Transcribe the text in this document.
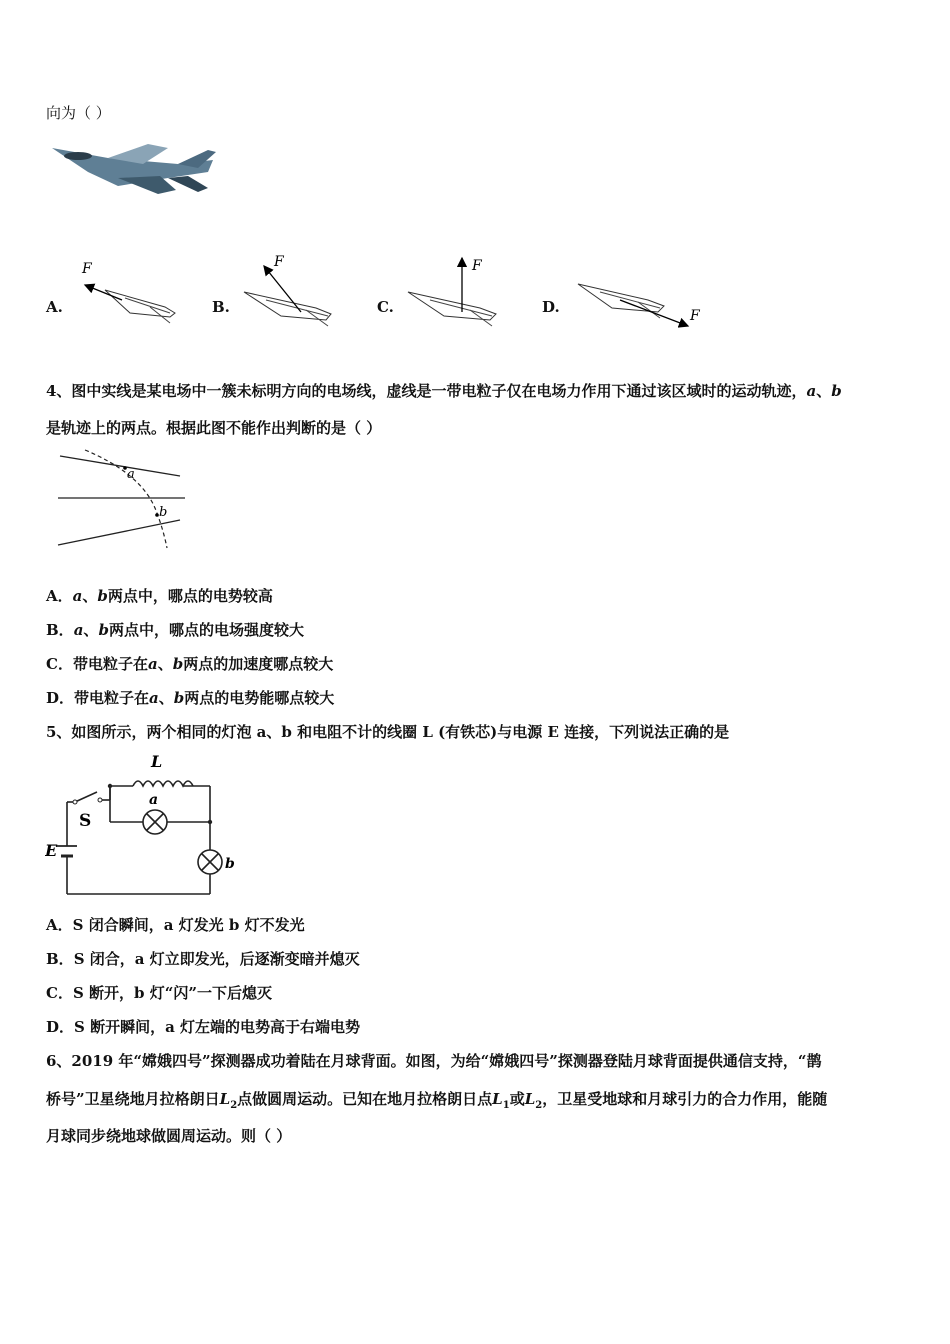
向为（ ）
A.
F
B.
F
C.
F
D.	F
4、图中实线是某电场中一簇未标明方向的电场线，虚线是一带电粒子仅在电场力作用下通过该区域时的运动轨迹，a、b
是轨迹上的两点。根据此图不能作出判断的是（ ）
a
b
A．a、b两点中，哪点的电势较高
B．a、b两点中，哪点的电场强度较大
C．带电粒子在a、b两点的加速度哪点较大
D．带电粒子在a、b两点的电势能哪点较大
5、如图所示，两个相同的灯泡 a、b 和电阻不计的线圈 L (有铁芯)与电源 E 连接，下列说法正确的是
L
a
S
E
b
A．S 闭合瞬间，a 灯发光 b 灯不发光
B．S 闭合，a 灯立即发光，后逐渐变暗并熄灭
C．S 断开，b 灯“闪”一下后熄灭
D．S 断开瞬间，a 灯左端的电势高于右端电势
6、2019 年“嫦娥四号”探测器成功着陆在月球背面。如图，为给“嫦娥四号”探测器登陆月球背面提供通信支持，“鹊
桥号”卫星绕地月拉格朗日$L_2$点做圆周运动。已知在地月拉格朗日点$L_1$或$L_2$，卫星受地球和月球引力的合力作用，能随
月球同步绕地球做圆周运动。则（ ）
